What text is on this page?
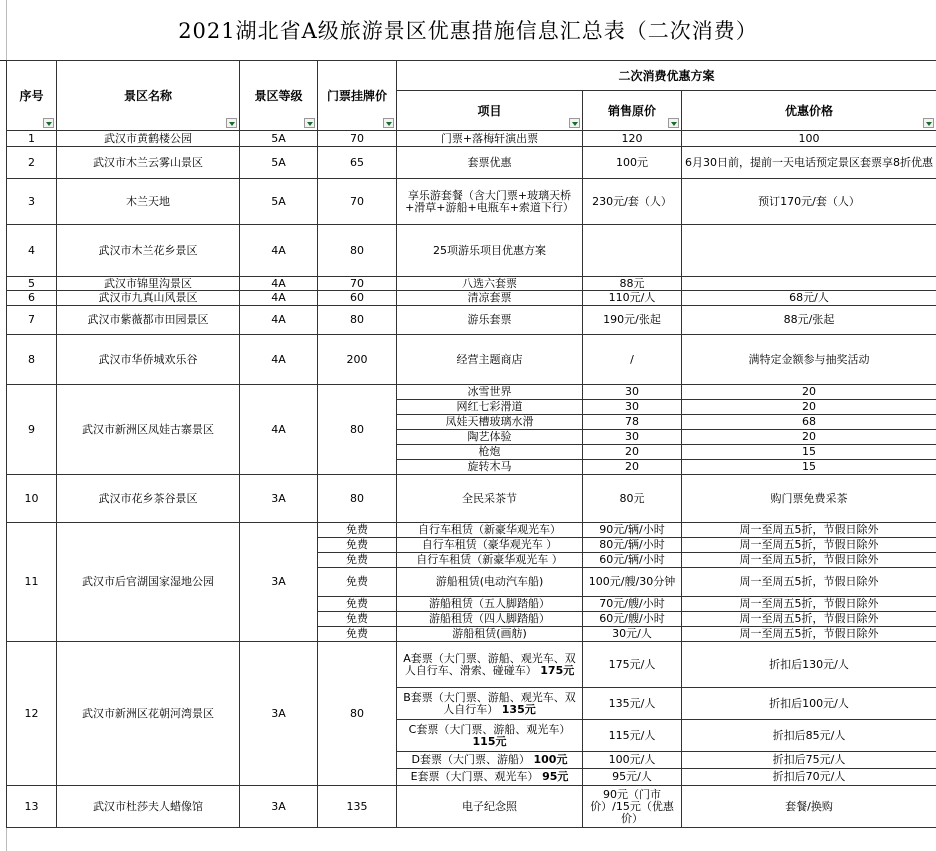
2021湖北省A级旅游景区优惠措施信息汇总表（二次消费）
序号	景区名称	景区等级	门票挂牌价	二次消费优惠方案		
				项目	销售原价	优惠价格

1	武汉市黄鹤楼公园	5A	70	门票+落梅轩演出票	120	100
2	武汉市木兰云雾山景区	5A	65	套票优惠	100元	6月30日前，提前一天电话预定景区套票享8折优惠
3	木兰天地	5A	70	享乐游套餐（含大门票+玻璃天桥+滑草+游船+电瓶车+索道下行）	230元/套（人）	预订170元/套（人）
4	武汉市木兰花乡景区	4A	80	25项游乐项目优惠方案		
5	武汉市锦里沟景区	4A	70	八选六套票	88元	
6	武汉市九真山风景区	4A	60	清凉套票	110元/人	68元/人
7	武汉市紫薇都市田园景区	4A	80	游乐套票	190元/张起	88元/张起
8	武汉市华侨城欢乐谷	4A	200	经营主题商店	/	满特定金额参与抽奖活动
9	武汉市新洲区凤娃古寨景区	4A	80	冰雪世界	30	20
				网红七彩滑道	30	20
				凤娃天槽玻璃水滑	78	68
				陶艺体验	30	20
				枪炮	20	15
				旋转木马	20	15
10	武汉市花乡茶谷景区	3A	80	全民采茶节	80元	购门票免费采茶
11	武汉市后官湖国家湿地公园	3A	免费	自行车租赁（新豪华观光车）	90元/辆/小时	周一至周五5折，节假日除外
			免费	自行车租赁（豪华观光车 ）	80元/辆/小时	周一至周五5折，节假日除外
			免费	自行车租赁（新豪华观光车 ）	60元/辆/小时	周一至周五5折，节假日除外
			免费	游船租赁(电动汽车船)	100元/艘/30分钟	周一至周五5折，节假日除外
			免费	游船租赁（五人脚踏船）	70元/艘/小时	周一至周五5折，节假日除外
			免费	游船租赁（四人脚踏船）	60元/艘/小时	周一至周五5折，节假日除外
			免费	游船租赁(画舫)	30元/人	周一至周五5折，节假日除外
12	武汉市新洲区花朝河湾景区	3A	80	A套票（大门票、游船、观光车、双人自行车、滑索、碰碰车） 175元	175元/人	折扣后130元/人
				B套票（大门票、游船、观光车、双人自行车） 135元	135元/人	折扣后100元/人
				C套票（大门票、游船、观光车） 115元	115元/人	折扣后85元/人
				D套票（大门票、游船） 100元	100元/人	折扣后75元/人
				E套票（大门票、观光车） 95元	95元/人	折扣后70元/人
13	武汉市杜莎夫人蜡像馆	3A	135	电子纪念照	90元（门市价）/15元（优惠价）	套餐/换购
